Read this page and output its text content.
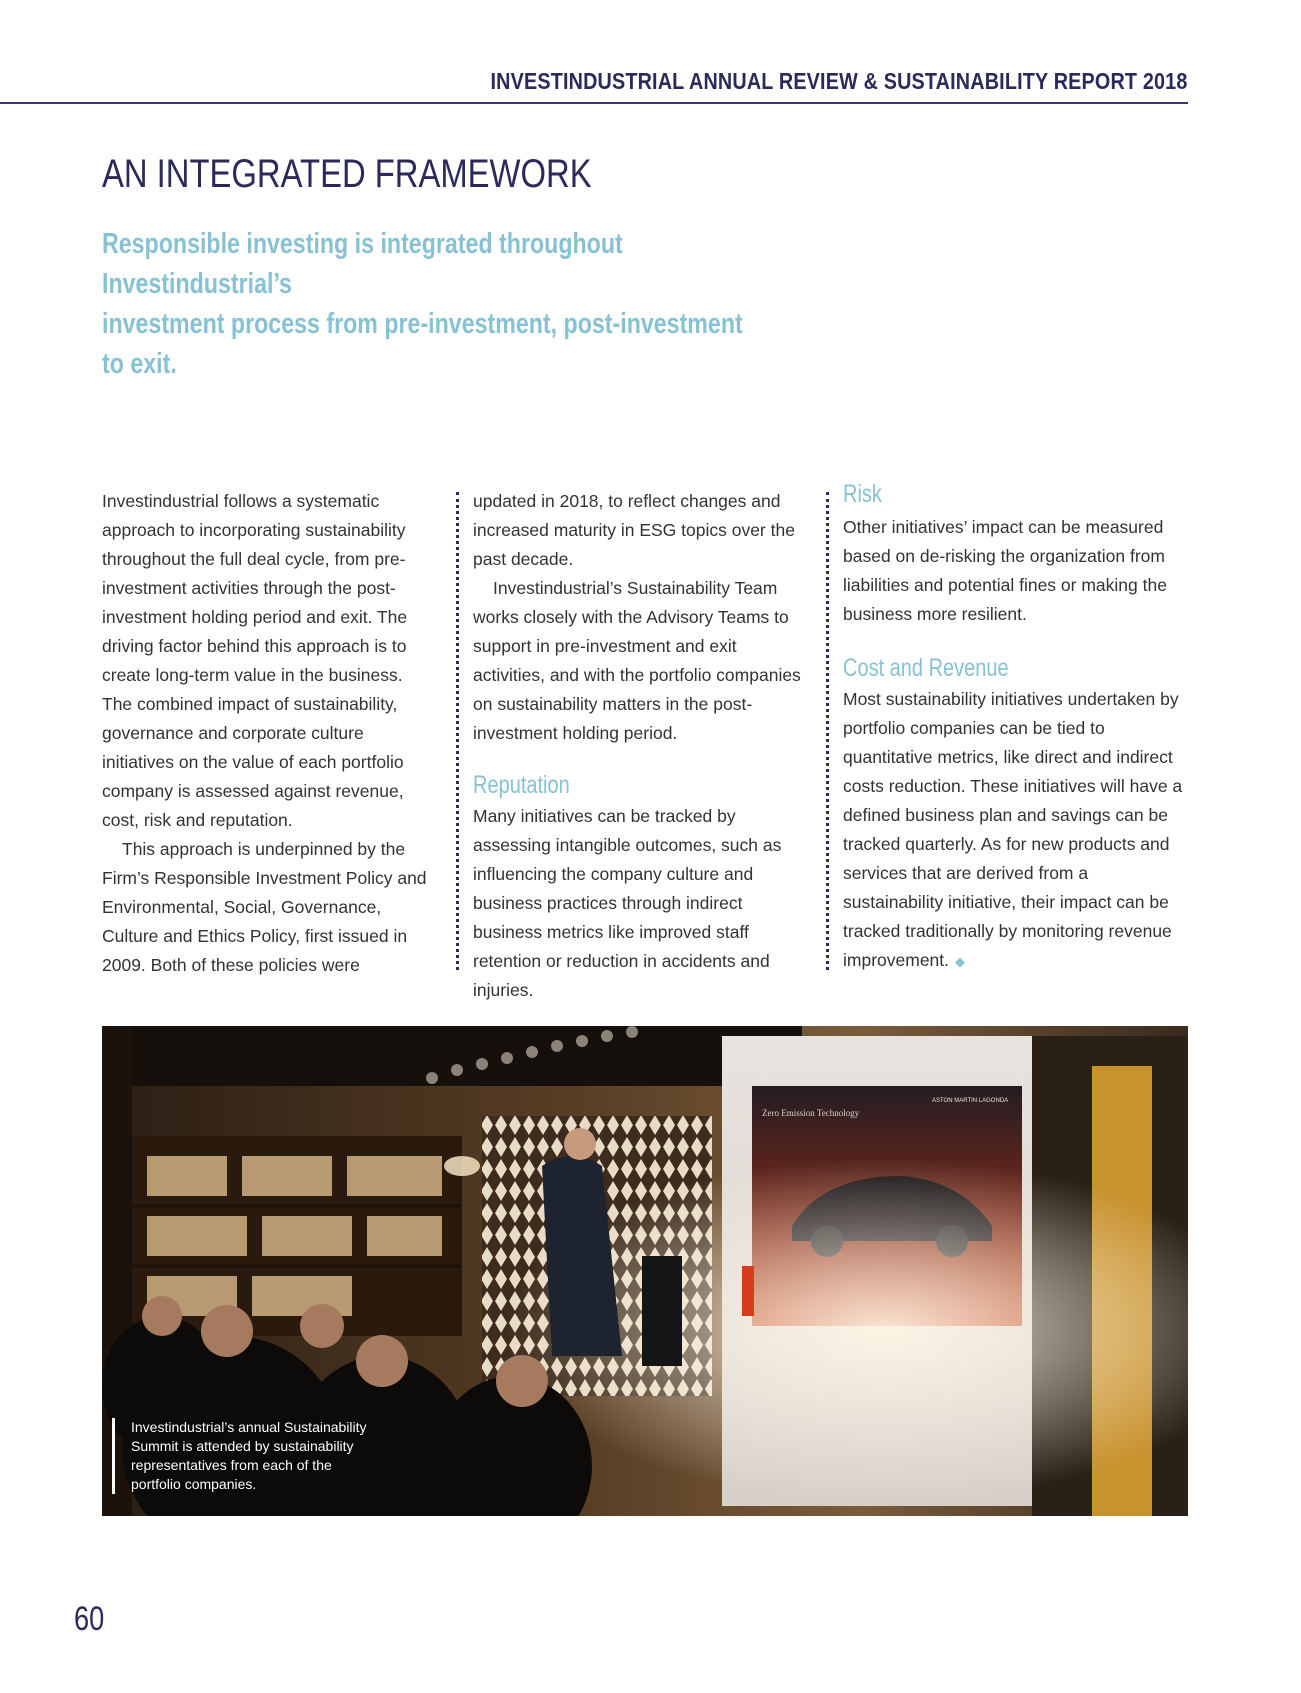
INVESTINDUSTRIAL ANNUAL REVIEW & SUSTAINABILITY REPORT 2018
AN INTEGRATED FRAMEWORK
Responsible investing is integrated throughout Investindustrial’s
investment process from pre-investment, post-investment to exit.

Investindustrial follows a systematic approach to incorporating sustainability throughout the full deal cycle, from pre-investment activities through the post-investment holding period and exit. The driving factor behind this approach is to create long-term value in the business. The combined impact of sustainability, governance and corporate culture initiatives on the value of each portfolio company is assessed against revenue, cost, risk and reputation.

This approach is underpinned by the Firm’s Responsible Investment Policy and Environmental, Social, Governance, Culture and Ethics Policy, first issued in 2009. Both of these policies were

updated in 2018, to reflect changes and increased maturity in ESG topics over the past decade.

Investindustrial’s Sustainability Team works closely with the Advisory Teams to support in pre-investment and exit activities, and with the portfolio companies on sustainability matters in the post-investment holding period.

Reputation

Many initiatives can be tracked by assessing intangible outcomes, such as influencing the company culture and business practices through indirect business metrics like improved staff retention or reduction in accidents and injuries.

Risk

Other initiatives’ impact can be measured based on de-risking the organization from liabilities and potential fines or making the business more resilient.

Cost and Revenue

Most sustainability initiatives undertaken by portfolio companies can be tied to quantitative metrics, like direct and indirect costs reduction. These initiatives will have a defined business plan and savings can be tracked quarterly. As for new products and services that are derived from a sustainability initiative, their impact can be tracked traditionally by monitoring revenue improvement. ◆

Zero Emission Technology
ASTON MARTIN LAGONDA
Investindustrial’s annual Sustainability
Summit is attended by sustainability
representatives from each of the
portfolio companies.
60
